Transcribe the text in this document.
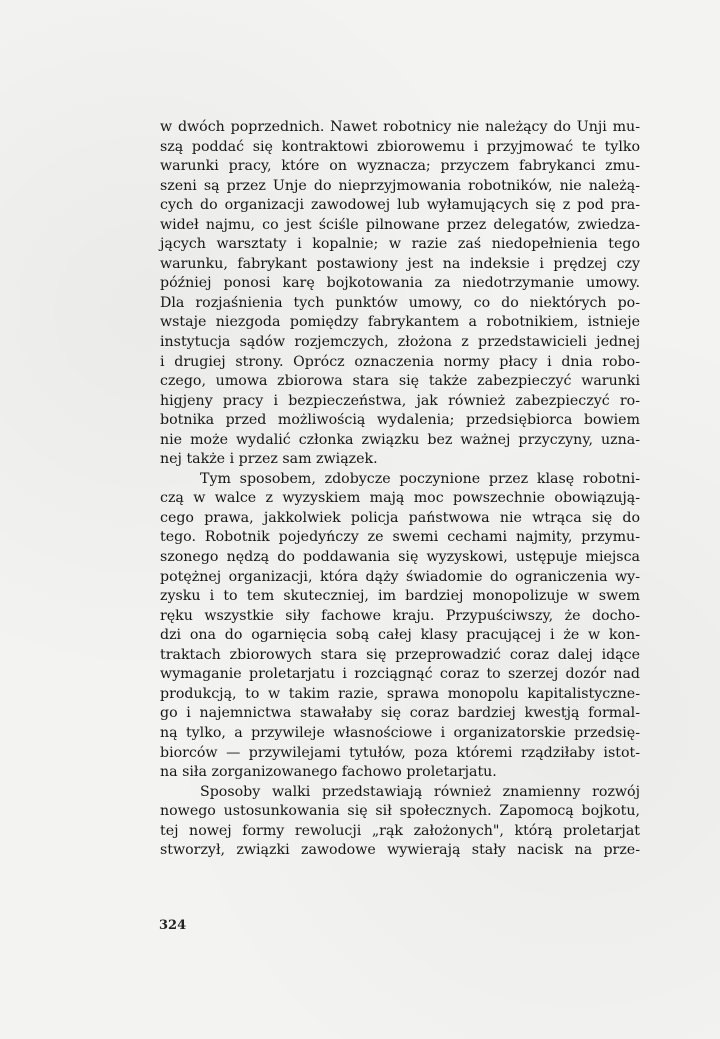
w dwóch poprzednich. Nawet robotnicy nie należący do Unji mu-
szą poddać się kontraktowi zbiorowemu i przyjmować te tylko
warunki pracy, które on wyznacza; przyczem fabrykanci zmu-
szeni są przez Unje do nieprzyjmowania robotników, nie należą-
cych do organizacji zawodowej lub wyłamujących się z pod pra-
wideł najmu, co jest ściśle pilnowane przez delegatów, zwiedza-
jących warsztaty i kopalnie; w razie zaś niedopełnienia tego
warunku, fabrykant postawiony jest na indeksie i prędzej czy
później ponosi karę bojkotowania za niedotrzymanie umowy.
Dla rozjaśnienia tych punktów umowy, co do niektórych po-
wstaje niezgoda pomiędzy fabrykantem a robotnikiem, istnieje
instytucja sądów rozjemczych, złożona z przedstawicieli jednej
i drugiej strony. Oprócz oznaczenia normy płacy i dnia robo-
czego, umowa zbiorowa stara się także zabezpieczyć warunki
higjeny pracy i bezpieczeństwa, jak również zabezpieczyć ro-
botnika przed możliwością wydalenia; przedsiębiorca bowiem
nie może wydalić członka związku bez ważnej przyczyny, uzna-
nej także i przez sam związek.
Tym sposobem, zdobycze poczynione przez klasę robotni-
czą w walce z wyzyskiem mają moc powszechnie obowiązują-
cego prawa, jakkolwiek policja państwowa nie wtrąca się do
tego. Robotnik pojedyńczy ze swemi cechami najmity, przymu-
szonego nędzą do poddawania się wyzyskowi, ustępuje miejsca
potężnej organizacji, która dąży świadomie do ograniczenia wy-
zysku i to tem skuteczniej, im bardziej monopolizuje w swem
ręku wszystkie siły fachowe kraju. Przypuściwszy, że docho-
dzi ona do ogarnięcia sobą całej klasy pracującej i że w kon-
traktach zbiorowych stara się przeprowadzić coraz dalej idące
wymaganie proletarjatu i rozciągnąć coraz to szerzej dozór nad
produkcją, to w takim razie, sprawa monopolu kapitalistyczne-
go i najemnictwa stawałaby się coraz bardziej kwestją formal-
ną tylko, a przywileje własnościowe i organizatorskie przedsię-
biorców — przywilejami tytułów, poza któremi rządziłaby istot-
na siła zorganizowanego fachowo proletarjatu.
Sposoby walki przedstawiają również znamienny rozwój
nowego ustosunkowania się sił społecznych. Zapomocą bojkotu,
tej nowej formy rewolucji „rąk założonych", którą proletarjat
stworzył, związki zawodowe wywierają stały nacisk na prze-
324
